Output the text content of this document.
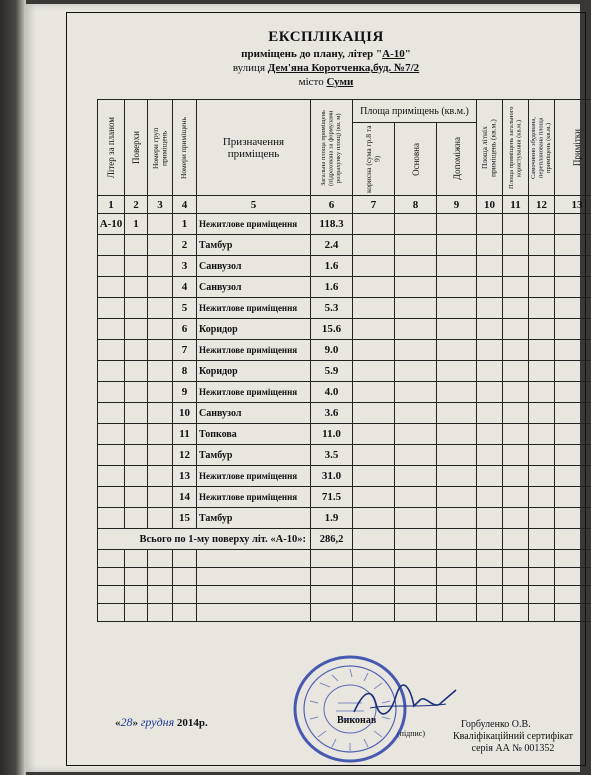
ЕКСПЛІКАЦІЯ
приміщень до плану, літер "А-10"
вулиця Дем'яна Коротченка,буд. №7/2
місто Суми
Літер за планом	Поверхи	Номери груп приміщень	Номери приміщень	Призначення приміщень	Загальна площа приміщень (підрахована за формулами розрахунку площ) (кв. м)	Площа приміщень (кв.м.)			Площа літніх приміщень (кв.м.)	Площа приміщень загального користування (кв.м.)	Самочинно збудована, перепланована площа приміщень (кв.м.)	Примітки

						корисна (сума гр.8 та 9)	Основна	Допоміжна				

1	2	3	4	5	6	7	8	9	10	11	12	13
А-10	1		1	Нежитлове приміщення	118.3							
			2	Тамбур	2.4							
			3	Санвузол	1.6							
			4	Санвузол	1.6							
			5	Нежитлове приміщення	5.3							
			6	Коридор	15.6							
			7	Нежитлове приміщення	9.0							
			8	Коридор	5.9							
			9	Нежитлове приміщення	4.0							
			10	Санвузол	3.6							
			11	Топкова	11.0							
			12	Тамбур	3.5							
			13	Нежитлове приміщення	31.0							
			14	Нежитлове приміщення	71.5							
			15	Тамбур	1.9							
Всього по 1-му поверху літ. «А-10»:					286,2							

«28» грудня 2014р.	Виконав
(підпис)
Горбуленко О.В.
Кваліфікаційний сертифікат
серія АА № 001352
